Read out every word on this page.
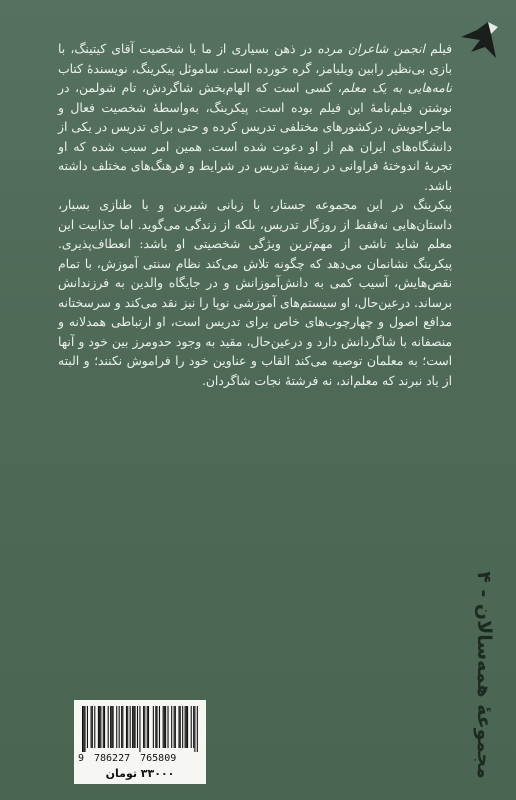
فیلم انجمن شاعران مرده در ذهن بسیاری از ما با شخصیت آقای کیتینگ، با بازی بی‌نظیر رابین ویلیامز، گره خورده است. ساموئل پیکرینگ، نویسندهٔ کتاب نامه‌هایی به یک معلم، کسی است که الهام‌بخش شاگردش، تام شولمن، در نوشتن فیلم‌نامهٔ این فیلم بوده است. پیکرینگ، به‌واسطهٔ شخصیت فعال و ماجراجویش، درکشورهای مختلفی تدریس کرده و حتی برای تدریس در یکی از دانشگاه‌های ایران هم از او دعوت شده است. همین امر سبب شده که او تجربهٔ اندوختهٔ فراوانی در زمینهٔ تدریس در شرایط و فرهنگ‌های مختلف داشته باشد.

پیکرینگ در این مجموعه جستار، با زبانی شیرین و با طنازی بسیار، داستان‌هایی نه‌فقط از روزگار تدریس، بلکه از زندگی می‌گوید. اما جذابیت این معلم شاید ناشی از مهم‌ترین ویژگی شخصیتی او باشد: انعطاف‌پذیری. پیکرینگ نشانمان می‌دهد که چگونه تلاش می‌کند نظام سنتی آموزش، با تمام نقص‌هایش، آسیب کمی به دانش‌آموزانش و در جایگاه والدین به فرزندانش برساند. درعین‌حال، او سیستم‌های آموزشی نوپا را نیز نقد می‌کند و سرسختانه مدافع اصول و چهارچوب‌های خاص برای تدریس است، او ارتباطی همدلانه و منصفانه با شاگردانش دارد و درعین‌حال، مقید به وجود حدومرز بین خود و آنها است؛ به معلمان توصیه می‌کند القاب و عناوین خود را فراموش نکنند؛ و البته از یاد نبرند که معلم‌اند، نه فرشتهٔ نجات شاگردان.

مجموعهٔ همه‌سالان - ۴
9 786227 765809
۳۳۰۰۰ تومان
